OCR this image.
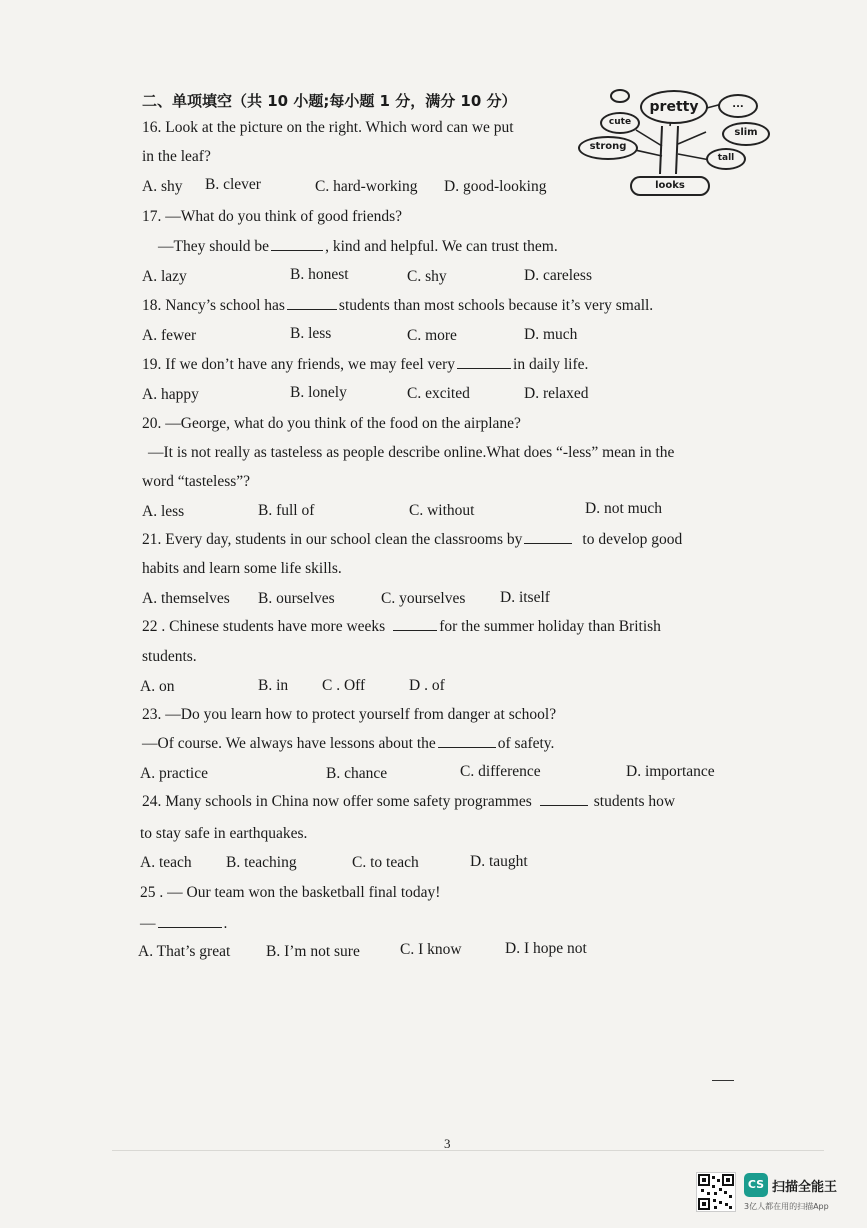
二、单项填空（共 10 小题;每小题 1 分，满分 10 分）	pretty	...
cute
slim
strong
tall
looks
16. Look at the picture on the right. Which word can we put
in the leaf?
A. shy B. clever	C. hard-working D. good-looking
17. —What do you think of good friends?
—They should be	, kind and helpful. We can trust them.
A. lazy	B. honest	C. shy	D. careless
18. Nancy’s school has	students than most schools because it’s very small.
A. fewer	B. less	C. more	D. much
19. If we don’t have any friends, we may feel very	in daily life.
A. happy	B. lonely	C. excited	D. relaxed
20. —George, what do you think of the food on the airplane?
—It is not really as tasteless as people describe online.What does “-less” mean in the
word “tasteless”?
A. less	B. full of	C. without	D. not much
21. Every day, students in our school clean the classrooms by	to develop good
habits and learn some life skills.
A. themselves B. ourselves	C. yourselves D. itself
22 . Chinese students have more weeks	for the summer holiday than British
students.
A. on	B. in C . Off	D . of
23. —Do you learn how to protect yourself from danger at school?
—Of course. We always have lessons about the	of safety.
A. practice	B. chance	C. difference	D. importance
24. Many schools in China now offer some safety programmes	students how
to stay safe in earthquakes.
A. teach B. teaching	C. to teach	D. taught
25 . — Our team won the basketball final today!
—	.
A. That’s great B. I’m not sure	C. I know	D. I hope not
3
CS 扫描全能王
3亿人都在用的扫描App
